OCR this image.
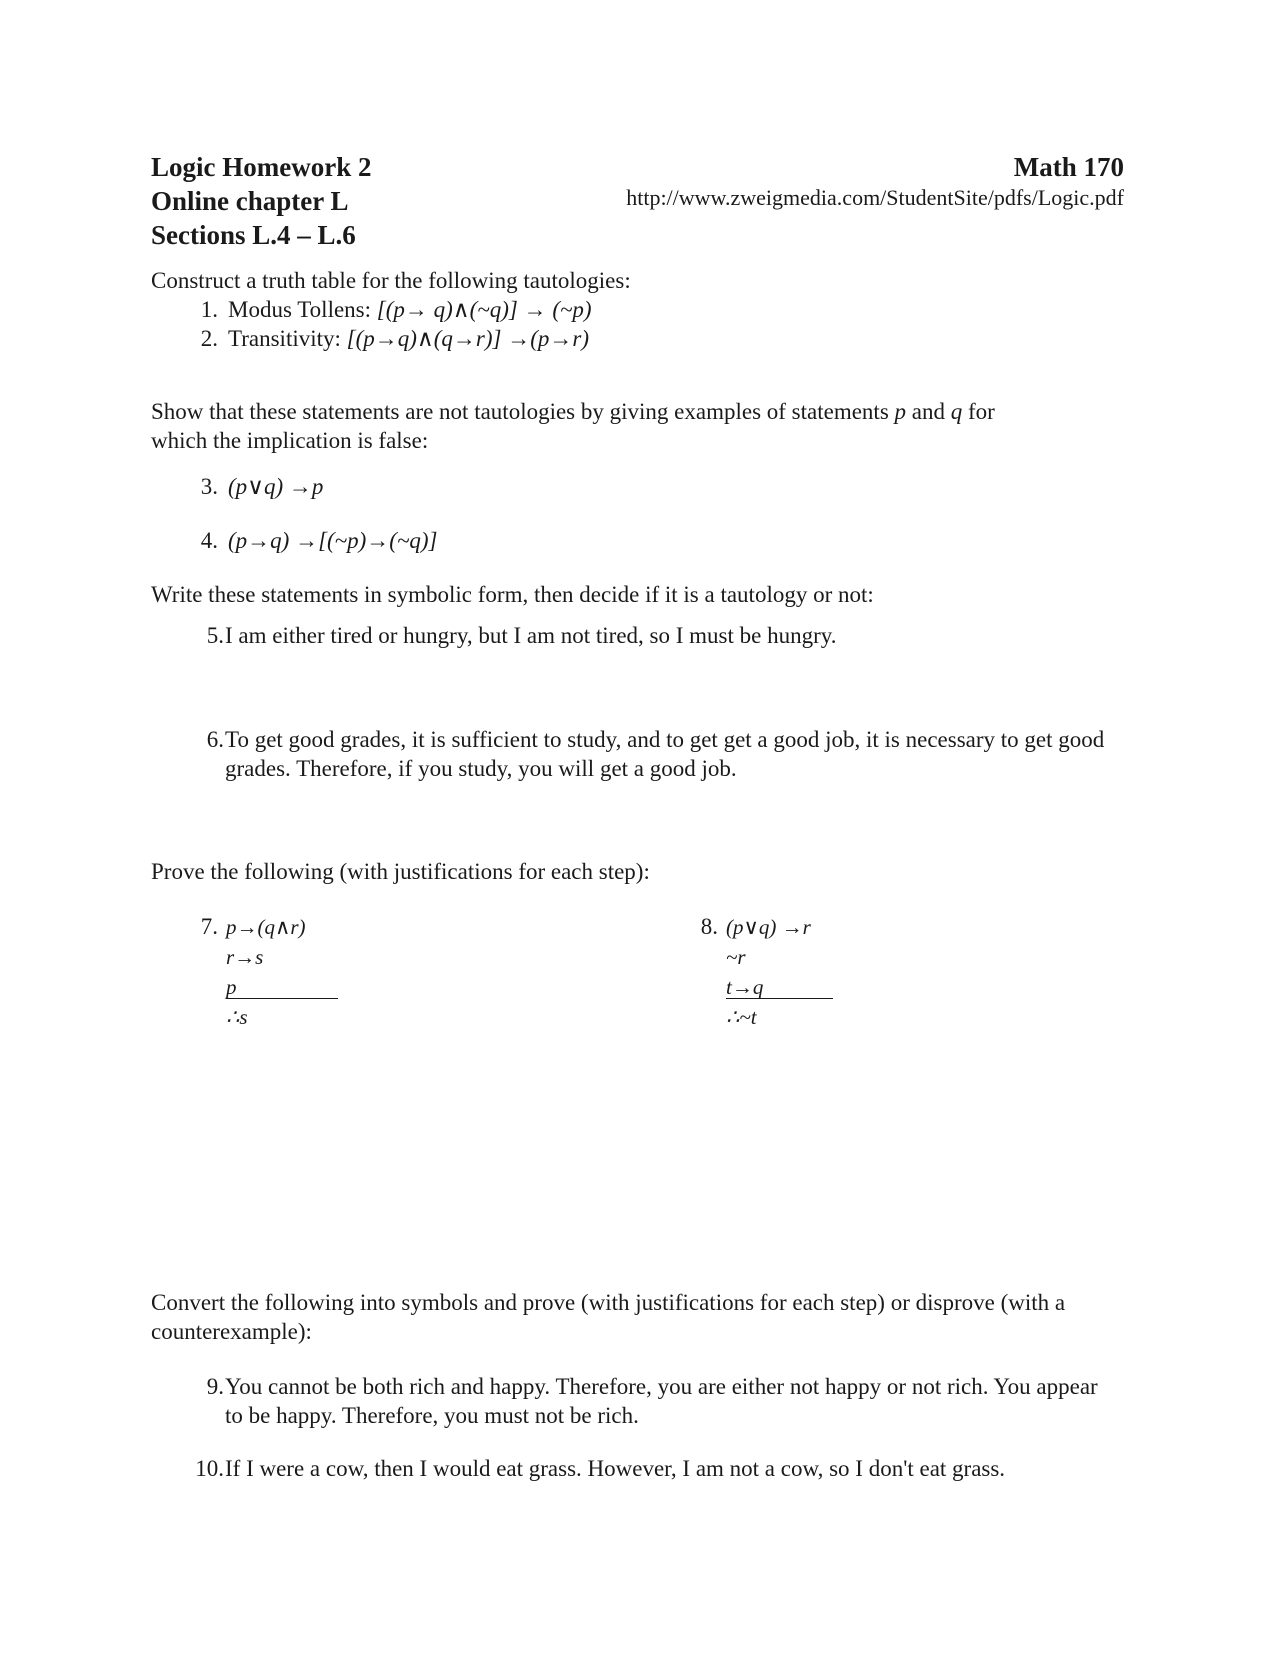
Logic Homework 2
Online chapter L
Sections L.4 – L.6
Math 170
http://www.zweigmedia.com/StudentSite/pdfs/Logic.pdf
Construct a truth table for the following tautologies:
1. Modus Tollens: [(p→ q)∧(~q)] → (~p)
2. Transitivity: [(p→q)∧(q→r)] →(p→r)
Show that these statements are not tautologies by giving examples of statements p and q for
which the implication is false:
3. (p∨q) →p
4. (p→q) →[(~p)→(~q)]
Write these statements in symbolic form, then decide if it is a tautology or not:
5. I am either tired or hungry, but I am not tired, so I must be hungry.
6. To get good grades, it is sufficient to study, and to get get a good job, it is necessary to get good grades. Therefore, if you study, you will get a good job.
Prove the following (with justifications for each step):
7. p→(q∧r)
r→s
p
∴s
8. (p∨q) →r
~r
t→q
∴~t
Convert the following into symbols and prove (with justifications for each step) or disprove (with a counterexample):
9. You cannot be both rich and happy. Therefore, you are either not happy or not rich. You appear to be happy. Therefore, you must not be rich.
10. If I were a cow, then I would eat grass. However, I am not a cow, so I don't eat grass.
